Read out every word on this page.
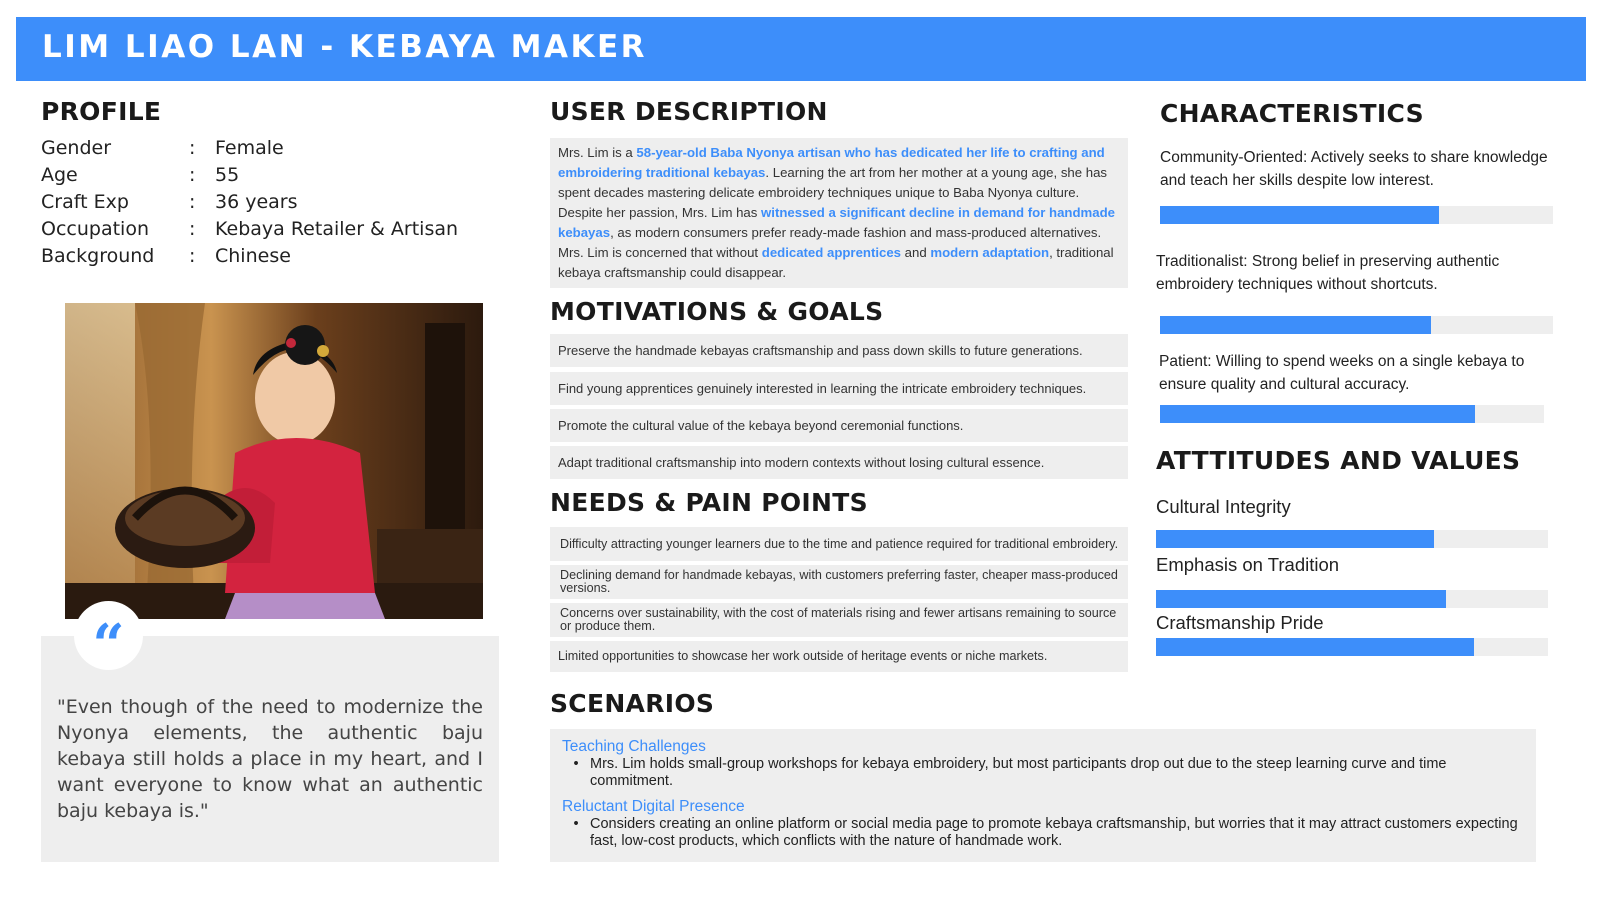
LIM LIAO LAN - KEBAYA MAKER
PROFILE
Gender	:	Female
Age	:	55
Craft Exp	:	36 years
Occupation	:	Kebaya Retailer & Artisan
Background	:	Chinese
“
"Even though of the need to modernize the Nyonya elements, the authentic baju kebaya still holds a place in my heart, and I want everyone to know what an authentic baju kebaya is."
USER DESCRIPTION
Mrs. Lim is a 58-year-old Baba Nyonya artisan who has dedicated her life to crafting and embroidering traditional kebayas. Learning the art from her mother at a young age, she has spent decades mastering delicate embroidery techniques unique to Baba Nyonya culture. Despite her passion, Mrs. Lim has witnessed a significant decline in demand for handmade kebayas, as modern consumers prefer ready-made fashion and mass-produced alternatives. Mrs. Lim is concerned that without dedicated apprentices and modern adaptation, traditional kebaya craftsmanship could disappear.
MOTIVATIONS & GOALS
Preserve the handmade kebayas craftsmanship and pass down skills to future generations.
Find young apprentices genuinely interested in learning the intricate embroidery techniques.
Promote the cultural value of the kebaya beyond ceremonial functions.
Adapt traditional craftsmanship into modern contexts without losing cultural essence.
NEEDS & PAIN POINTS
Difficulty attracting younger learners due to the time and patience required for traditional embroidery.
Declining demand for handmade kebayas, with customers preferring faster, cheaper mass-produced versions.
Concerns over sustainability, with the cost of materials rising and fewer artisans remaining to source or produce them.
Limited opportunities to showcase her work outside of heritage events or niche markets.
SCENARIOS
Teaching Challenges
• Mrs. Lim holds small-group workshops for kebaya embroidery, but most participants drop out due to the steep learning curve and time commitment.
Reluctant Digital Presence
• Considers creating an online platform or social media page to promote kebaya craftsmanship, but worries that it may attract customers expecting fast, low-cost products, which conflicts with the nature of handmade work.
CHARACTERISTICS
Community-Oriented: Actively seeks to share knowledge and teach her skills despite low interest.
Traditionalist: Strong belief in preserving authentic embroidery techniques without shortcuts.
Patient: Willing to spend weeks on a single kebaya to ensure quality and cultural accuracy.
ATTTITUDES AND VALUES
Cultural Integrity
Emphasis on Tradition
Craftsmanship Pride
